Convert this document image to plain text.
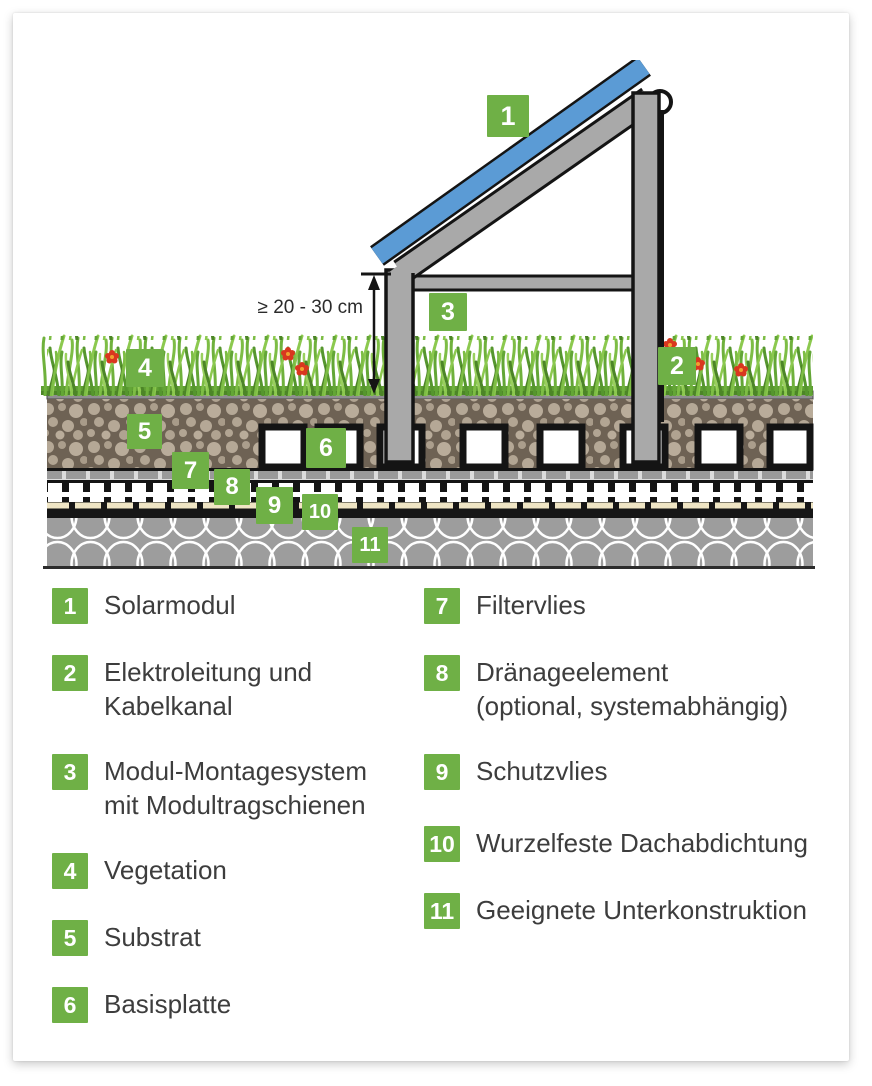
≥ 20 - 30 cm
1
2
3
4
5
6
7
8
9	10
11
1	Solarmodul
2	Elektroleitung und
Kabelkanal
3	Modul-Montagesystem
mit Modultragschienen
4	Vegetation
5	Substrat
6	Basisplatte
7	Filtervlies
8	Dränageelement
(optional, systemabhängig)
9	Schutzvlies
10 Wurzelfeste Dachabdichtung
11 Geeignete Unterkonstruktion
